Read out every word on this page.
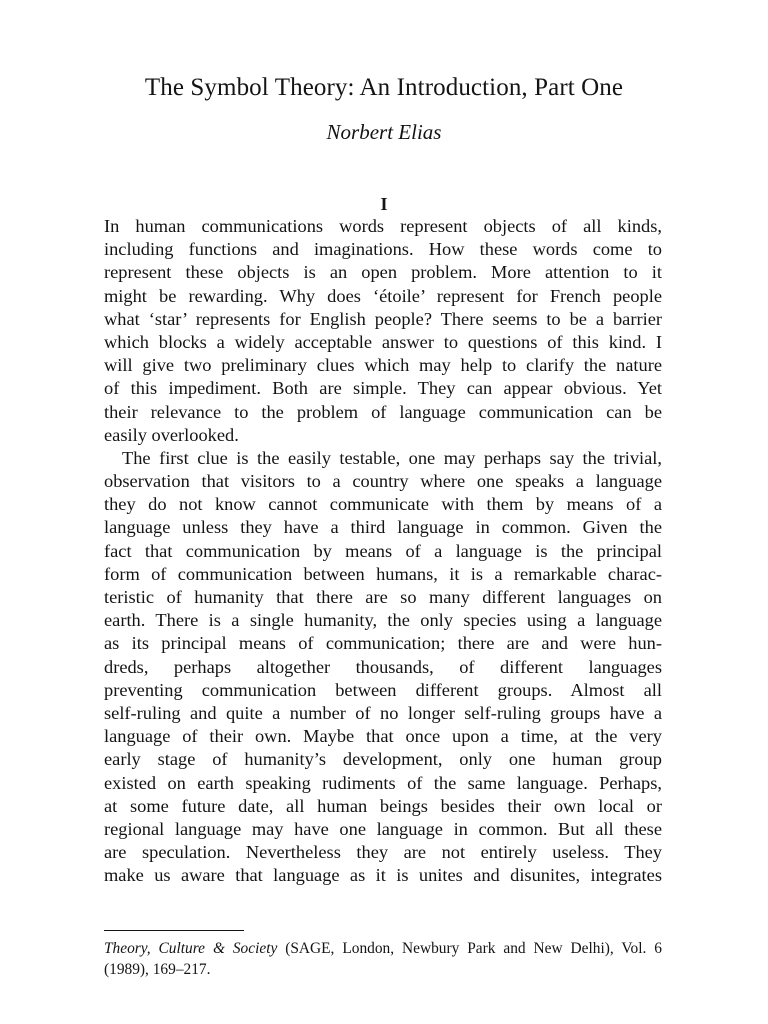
The Symbol Theory: An Introduction, Part One
Norbert Elias
I
In human communications words represent objects of all kinds,
including functions and imaginations. How these words come to
represent these objects is an open problem. More attention to it
might be rewarding. Why does ‘étoile’ represent for French people
what ‘star’ represents for English people? There seems to be a barrier
which blocks a widely acceptable answer to questions of this kind. I
will give two preliminary clues which may help to clarify the nature
of this impediment. Both are simple. They can appear obvious. Yet
their relevance to the problem of language communication can be
easily overlooked.
The first clue is the easily testable, one may perhaps say the trivial,
observation that visitors to a country where one speaks a language
they do not know cannot communicate with them by means of a
language unless they have a third language in common. Given the
fact that communication by means of a language is the principal
form of communication between humans, it is a remarkable charac-
teristic of humanity that there are so many different languages on
earth. There is a single humanity, the only species using a language
as its principal means of communication; there are and were hun-
dreds, perhaps altogether thousands, of different languages
preventing communication between different groups. Almost all
self-ruling and quite a number of no longer self-ruling groups have a
language of their own. Maybe that once upon a time, at the very
early stage of humanity’s development, only one human group
existed on earth speaking rudiments of the same language. Perhaps,
at some future date, all human beings besides their own local or
regional language may have one language in common. But all these
are speculation. Nevertheless they are not entirely useless. They
make us aware that language as it is unites and disunites, integrates
Theory, Culture & Society (SAGE, London, Newbury Park and New Delhi), Vol. 6
(1989), 169–217.
